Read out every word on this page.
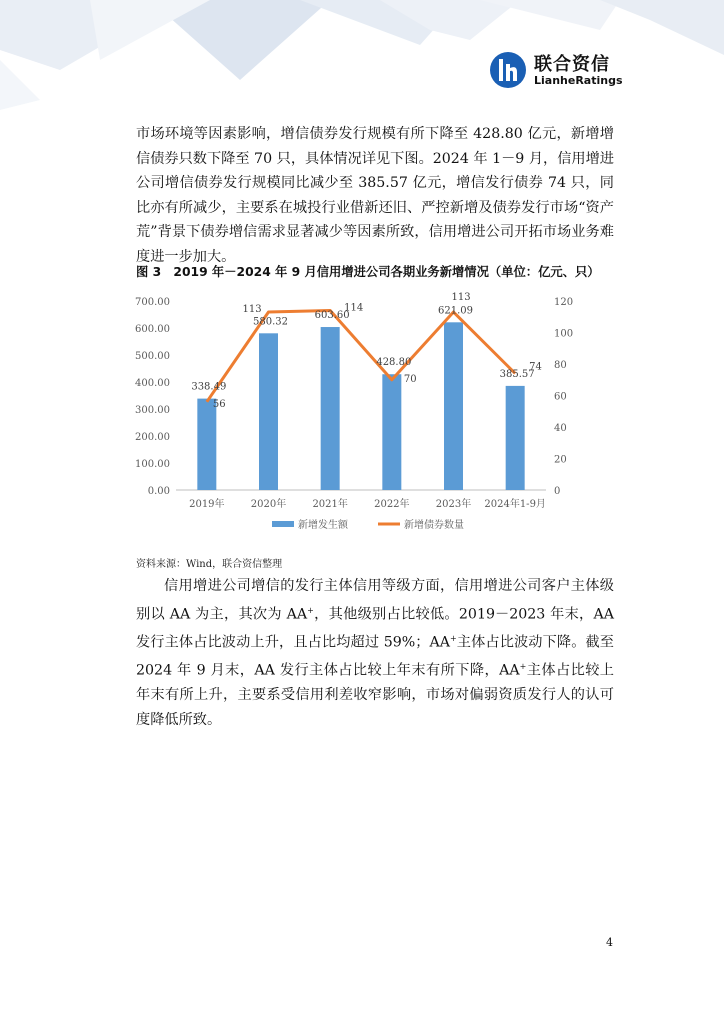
联合资信
LianheRatings

市场环境等因素影响，增信债券发行规模有所下降至 428.80 亿元，新增增信债券只数下降至 70 只，具体情况详见下图。2024 年 1－9 月，信用增进公司增信债券发行规模同比减少至 385.57 亿元，增信发行债券 74 只，同比亦有所减少，主要系在城投行业借新还旧、严控新增及债券发行市场“资产荒”背景下债券增信需求显著减少等因素所致，信用增进公司开拓市场业务难度进一步加大。

图 3　2019 年－2024 年 9 月信用增进公司各期业务新增情况（单位：亿元、只）
0.00
100.00
200.00
300.00
400.00
500.00
600.00
700.00
0
20
40
60
80
100
120
338.49
580.32
603.60
428.80
621.09
385.57
56
113	114
70
113
74
2019年	2020年	2021年	2022年	2023年 2024年1-9月
新增发生额	新增债券数量
资料来源：Wind，联合资信整理

信用增进公司增信的发行主体信用等级方面，信用增进公司客户主体级别以 AA 为主，其次为 AA+，其他级别占比较低。2019－2023 年末，AA 发行主体占比波动上升，且占比均超过 59%；AA+主体占比波动下降。截至 2024 年 9 月末，AA 发行主体占比较上年末有所下降，AA+主体占比较上年末有所上升，主要系受信用利差收窄影响，市场对偏弱资质发行人的认可度降低所致。

4
